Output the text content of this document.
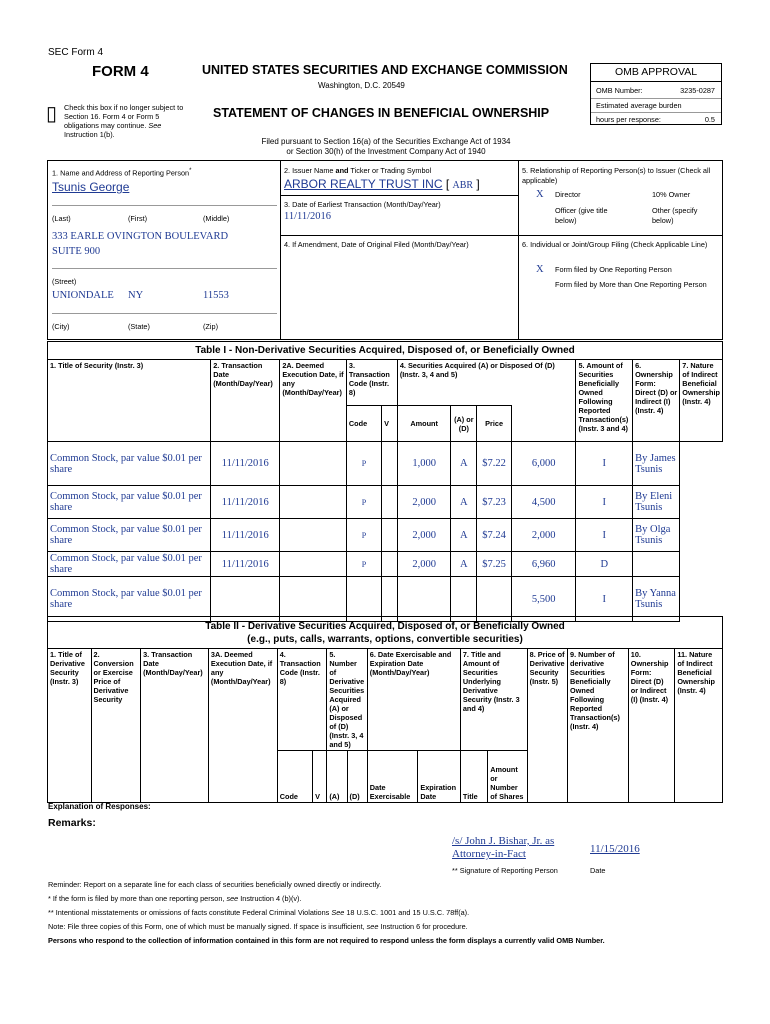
SEC Form 4
FORM 4	UNITED STATES SECURITIES AND EXCHANGE COMMISSION
Washington, D.C. 20549
▯ Check this box if no longer subject to Section 16. Form 4 or Form 5 obligations may continue. See Instruction 1(b).
STATEMENT OF CHANGES IN BENEFICIAL OWNERSHIP
Filed pursuant to Section 16(a) of the Securities Exchange Act of 1934
or Section 30(h) of the Investment Company Act of 1940
OMB APPROVAL
OMB Number:	3235-0287
Estimated average burden
hours per response:	0.5
1. Name and Address of Reporting Person*
Tsunis George
(Last)	(First)	(Middle)
333 EARLE OVINGTON BOULEVARD
SUITE 900
(Street)
UNIONDALE NY	11553
(City)	(State)	(Zip)
2. Issuer Name and Ticker or Trading Symbol
ARBOR REALTY TRUST INC [ ABR ]
3. Date of Earliest Transaction (Month/Day/Year)
11/11/2016
4. If Amendment, Date of Original Filed (Month/Day/Year)
5. Relationship of Reporting Person(s) to Issuer (Check all applicable)
X Director	10% Owner
Officer (give title below)
Other (specify below)
6. Individual or Joint/Group Filing (Check Applicable Line)
X Form filed by One Reporting Person
Form filed by More than One Reporting Person
Table I - Non-Derivative Securities Acquired, Disposed of, or Beneficially Owned
1. Title of Security (Instr. 3)	2. Transaction Date (Month/Day/Year)	2A. Deemed Execution Date, if any (Month/Day/Year)	3. Transaction Code (Instr. 8)		4. Securities Acquired (A) or Disposed Of (D) (Instr. 3, 4 and 5)				5. Amount of Securities Beneficially Owned Following Reported Transaction(s) (Instr. 3 and 4)	6. Ownership Form: Direct (D) or Indirect (I) (Instr. 4)	7. Nature of Indirect Beneficial Ownership (Instr. 4)
			Code	V	Amount	(A) or (D)	Price				
Common Stock, par value $0.01 per share	11/11/2016		P		1,000	A	$7.22	6,000	I	By James Tsunis	
Common Stock, par value $0.01 per share	11/11/2016		P		2,000	A	$7.23	4,500	I	By Eleni Tsunis	
Common Stock, par value $0.01 per share	11/11/2016		P		2,000	A	$7.24	2,000	I	By Olga Tsunis	
Common Stock, par value $0.01 per share	11/11/2016		P		2,000	A	$7.25	6,960	D		
Common Stock, par value $0.01 per share								5,500	I	By Yanna Tsunis	
Table II - Derivative Securities Acquired, Disposed of, or Beneficially Owned
(e.g., puts, calls, warrants, options, convertible securities)
1. Title of Derivative Security (Instr. 3)	2. Conversion or Exercise Price of Derivative Security	3. Transaction Date (Month/Day/Year)	3A. Deemed Execution Date, if any (Month/Day/Year)	4. Transaction Code (Instr. 8)		5. Number of Derivative Securities Acquired (A) or Disposed of (D) (Instr. 3, 4 and 5)		6. Date Exercisable and Expiration Date (Month/Day/Year)		7. Title and Amount of Securities Underlying Derivative Security (Instr. 3 and 4)		8. Price of Derivative Security (Instr. 5)	9. Number of derivative Securities Beneficially Owned Following Reported Transaction(s) (Instr. 4)	10. Ownership Form: Direct (D) or Indirect (I) (Instr. 4)	11. Nature of Indirect Beneficial Ownership (Instr. 4)
				Code	V	(A)	(D)	Date Exercisable	Expiration Date	Title	Amount or Number of Shares				
Explanation of Responses:
Remarks:
/s/ John J. Bishar, Jr. as Attorney-in-Fact	11/15/2016
** Signature of Reporting Person	Date
Reminder: Report on a separate line for each class of securities beneficially owned directly or indirectly.
* If the form is filed by more than one reporting person, see Instruction 4 (b)(v).
** Intentional misstatements or omissions of facts constitute Federal Criminal Violations See 18 U.S.C. 1001 and 15 U.S.C. 78ff(a).
Note: File three copies of this Form, one of which must be manually signed. If space is insufficient, see Instruction 6 for procedure.
Persons who respond to the collection of information contained in this form are not required to respond unless the form displays a currently valid OMB Number.
